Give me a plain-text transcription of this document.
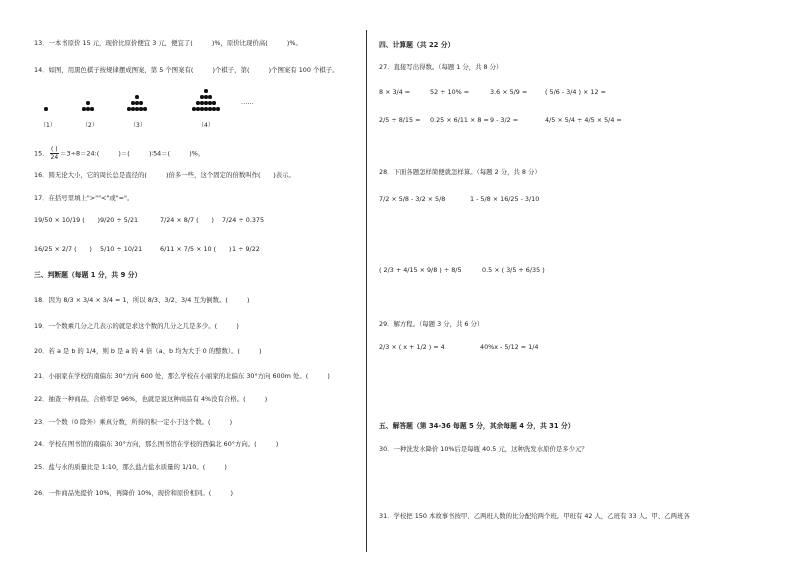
13．一本书原价 15 元，现价比原价便宜 3 元，便宜了(　　　)%，原价比现价高(　　　)%。
14．如图，用黑色棋子按规律摆成图案，第 5 个图案有(　　　)个棋子，第(　　　)个图案有 100 个棋子。
……
（1）	（2）	（3）	（4）
15． $\frac{( )}{24}$ ＝3÷8＝24:(　　　)＝(　　　)∶54＝(　　　)%。
16．圆无论大小，它的周长总是直径的(　　　)倍多一些，这个固定的倍数叫作(　　)表示。
17．在括号里填上">""<"或"="。
19/50 × 10/19 (　　) 9/20 ÷ 5/21	7/24 × 8/7 (　　) 7/24 ÷ 0.375
16/25 × 2/7 (　　) 5/10 ÷ 10/21	6/11 × 7/5 × 10 (　　) 1 ÷ 9/22
三、判断题（每题 1 分，共 9 分）
18．因为 8/3 × 3/4 × 3/4 = 1，所以 8/3、3/2、3/4 互为倒数。(　　　)
19．一个数乘几分之几表示的就是求这个数的几分之几是多少。(　　　)
20．若 a 是 b 的 1/4，则 b 是 a 的 4 倍（a、b 均为大于 0 的整数）。(　　　)
21．小丽家在学校的南偏东 30°方向 600 处，那么学校在小丽家的北偏东 30°方向 600m 处。(　　　)
22．抽查一种商品，合格率是 96%，也就是说这种商品有 4%没有合格。(　　　)
23．一个数（0 除外）乘真分数，所得的积一定小于这个数。(　　　)
24．学校在图书馆的南偏东 30°方向，那么图书馆在学校的西偏北 60°方向。(　　　)
25．盐与水的质量比是 1:10，那么盐占盐水质量的 1/10。(　　　)
26．一件商品先提价 10%，再降价 10%，现价和原价相同。(　　　)
四、计算题（共 22 分）
27．直接写出得数。（每题 1 分，共 8 分）
8 × 3/4 =	52 ÷ 10% =	3.6 × 5/9 =	( 5/6 - 3/4 ) × 12 =
2/5 ÷ 8/15 = 0.25 × 6/11 × 8 = 9 - 3/2 =	4/5 × 5/4 ÷ 4/5 × 5/4 =
28．下面各题怎样简便就怎样算。（每题 2 分，共 8 分）
7/2 × 5/8 - 3/2 × 5/8	1 - 5/8 × 16/25 - 3/10
( 2/3 + 4/15 × 9/8 ) ÷ 8/5	0.5 × ( 3/5 + 6/35 )
29．解方程。（每题 3 分，共 6 分）
2/3 × ( x + 1/2 ) = 4	40%x - 5/12 = 1/4
五、解答题（第 34-36 每题 5 分，其余每题 4 分，共 31 分）
30．一种洗发水降价 10%后是每瓶 40.5 元，这种洗发水原价是多少元？
31．学校把 150 本故事书按甲、乙两班人数的比分配给两个班。甲班有 42 人，乙班有 33 人。甲、乙两班各
